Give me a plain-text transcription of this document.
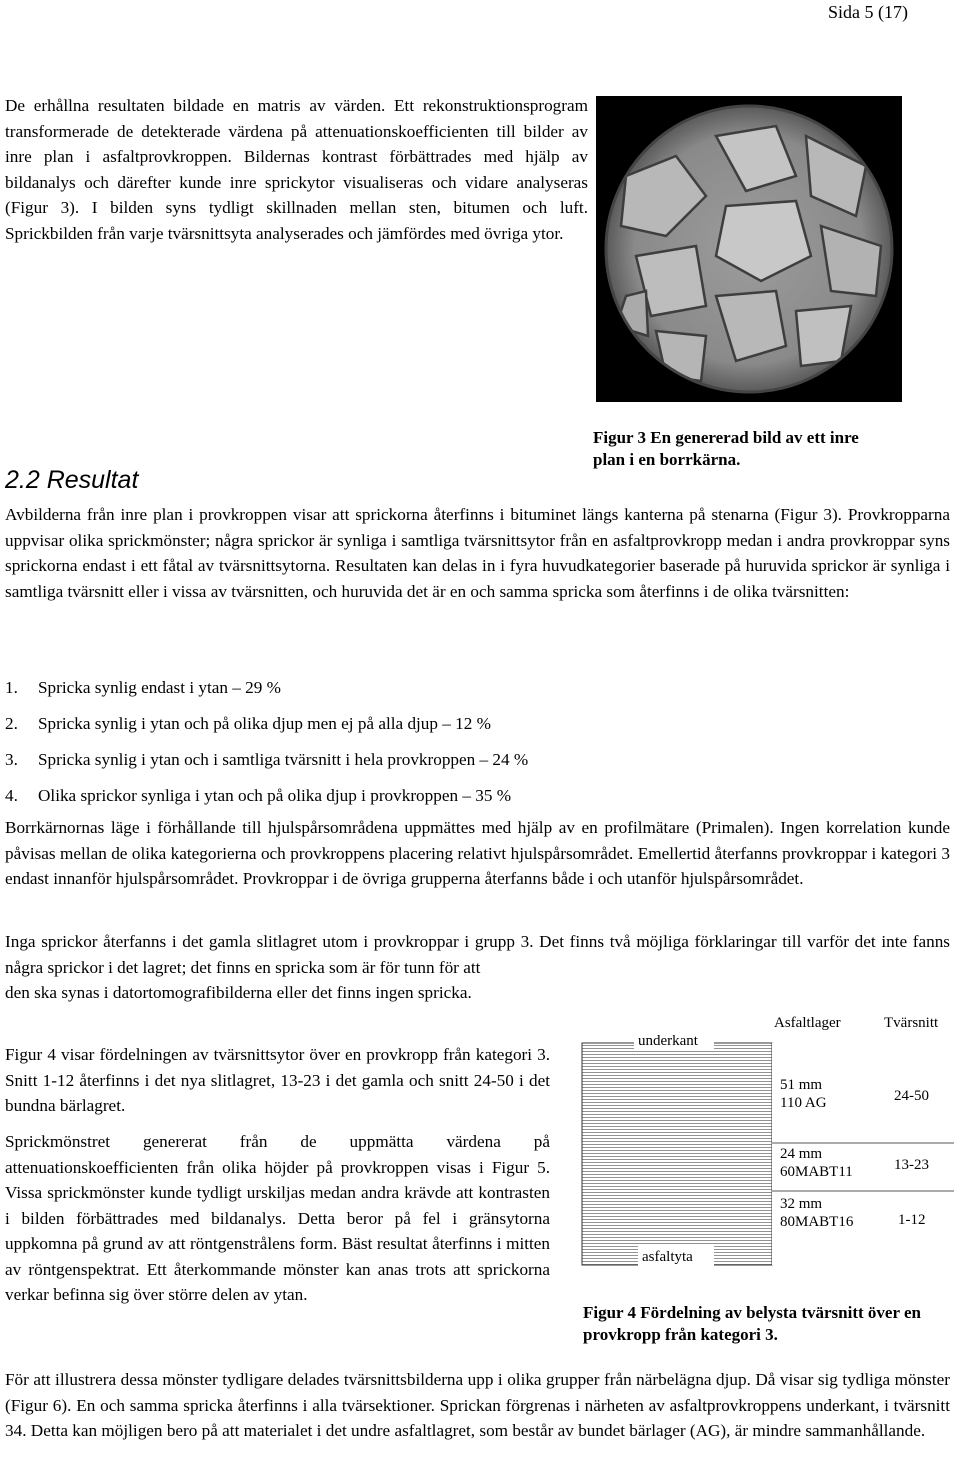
Sida 5 (17)

De erhållna resultaten bildade en matris av värden. Ett rekonstruktionsprogram transformerade de detekterade värdena på attenuationskoefficienten till bilder av inre plan i asfaltprovkroppen. Bildernas kontrast förbättrades med hjälp av bildanalys och därefter kunde inre sprickytor visualiseras och vidare analyseras (Figur 3). I bilden syns tydligt skillnaden mellan sten, bitumen och luft. Sprickbilden från varje tvärsnittsyta analyserades och jämfördes med övriga ytor.

Figur 3 En genererad bild av ett inre plan i en borrkärna.
2.2 Resultat

Avbilderna från inre plan i provkroppen visar att sprickorna återfinns i bituminet längs kanterna på stenarna (Figur 3). Provkropparna uppvisar olika sprickmönster; några sprickor är synliga i samtliga tvärsnittsytor från en asfaltprovkropp medan i andra provkroppar syns sprickorna endast i ett fåtal av tvärsnittsytorna. Resultaten kan delas in i fyra huvudkategorier baserade på huruvida sprickor är synliga i samtliga tvärsnitt eller i vissa av tvärsnitten, och huruvida det är en och samma spricka som återfinns i de olika tvärsnitten:

1. Spricka synlig endast i ytan – 29 %
2. Spricka synlig i ytan och på olika djup men ej på alla djup – 12 %
3. Spricka synlig i ytan och i samtliga tvärsnitt i hela provkroppen – 24 %
4. Olika sprickor synliga i ytan och på olika djup i provkroppen – 35 %

Borrkärnornas läge i förhållande till hjulspårsområdena uppmättes med hjälp av en profilmätare (Primalen). Ingen korrelation kunde påvisas mellan de olika kategorierna och provkroppens placering relativt hjulspårsområdet. Emellertid återfanns provkroppar i kategori 3 endast innanför hjulspårsområdet. Provkroppar i de övriga grupperna återfanns både i och utanför hjulspårsområdet.

Inga sprickor återfanns i det gamla slitlagret utom i provkroppar i grupp 3. Det finns två möjliga förklaringar till varför det inte fanns några sprickor i det lagret; det finns en spricka som är för tunn för att

den ska synas i datortomografibilderna eller det finns ingen spricka.

Figur 4 visar fördelningen av tvärsnittsytor över en provkropp från kategori 3. Snitt 1-12 återfinns i det nya slitlagret, 13-23 i det gamla och snitt 24-50 i det bundna bärlagret.

Sprickmönstret genererat från de uppmätta värdena på attenuationskoefficienten från olika höjder på provkroppen visas i Figur 5. Vissa sprickmönster kunde tydligt urskiljas medan andra krävde att kontrasten i bilden förbättrades med bildanalys. Detta beror på fel i gränsytorna uppkomna på grund av att röntgenstrålens form. Bäst resultat återfinns i mitten av röntgenspektrat. Ett återkommande mönster kan anas trots att sprickorna verkar befinna sig över större delen av ytan.

Asfaltlager	Tvärsnitt
underkant
asfaltyta
51 mm
110 AG	24-50
24 mm
60MABT11	13-23
32 mm
80MABT16	1-12
Figur 4 Fördelning av belysta tvärsnitt över en provkropp från kategori 3.

För att illustrera dessa mönster tydligare delades tvärsnittsbilderna upp i olika grupper från närbelägna djup. Då visar sig tydliga mönster (Figur 6). En och samma spricka återfinns i alla tvärsektioner. Sprickan förgrenas i närheten av asfaltprovkroppens underkant, i tvärsnitt 34. Detta kan möjligen bero på att materialet i det undre asfaltlagret, som består av bundet bärlager (AG), är mindre sammanhållande.
